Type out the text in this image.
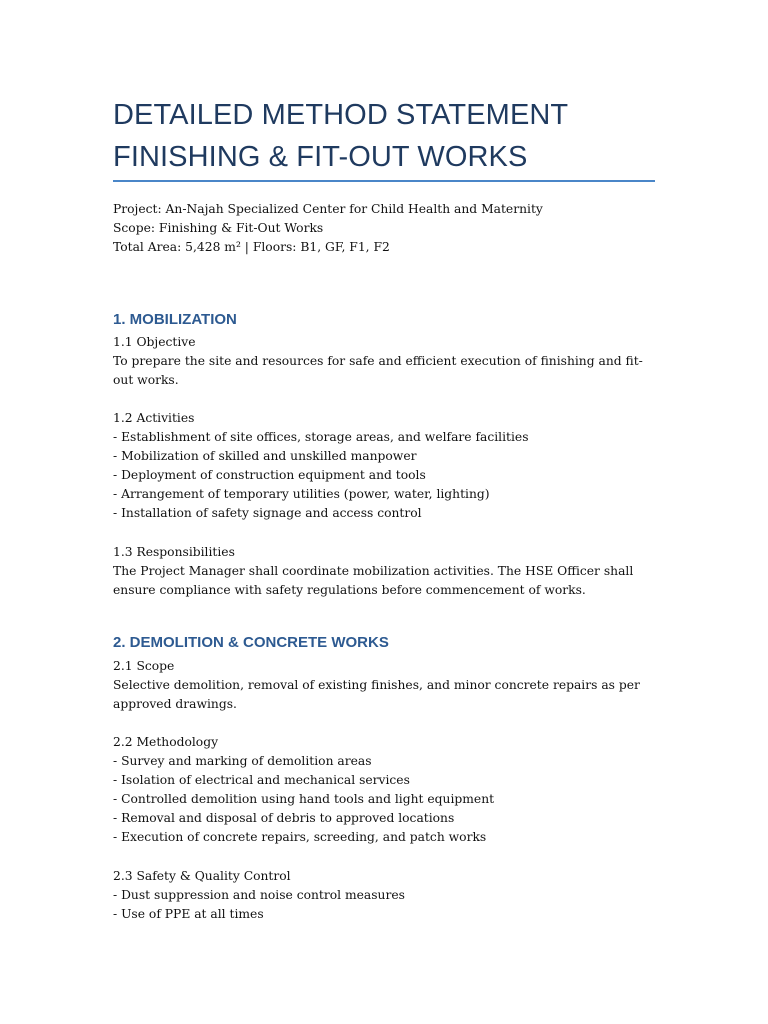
DETAILED METHOD STATEMENT

FINISHING & FIT-OUT WORKS

Project: An-Najah Specialized Center for Child Health and Maternity

Scope: Finishing & Fit-Out Works

Total Area: 5,428 m² | Floors: B1, GF, F1, F2

1. MOBILIZATION

1.1 Objective

To prepare the site and resources for safe and efficient execution of finishing and fit-out works.

1.2 Activities

- Establishment of site offices, storage areas, and welfare facilities

- Mobilization of skilled and unskilled manpower

- Deployment of construction equipment and tools

- Arrangement of temporary utilities (power, water, lighting)

- Installation of safety signage and access control

1.3 Responsibilities

The Project Manager shall coordinate mobilization activities. The HSE Officer shall ensure compliance with safety regulations before commencement of works.

2. DEMOLITION & CONCRETE WORKS

2.1 Scope

Selective demolition, removal of existing finishes, and minor concrete repairs as per approved drawings.

2.2 Methodology

- Survey and marking of demolition areas

- Isolation of electrical and mechanical services

- Controlled demolition using hand tools and light equipment

- Removal and disposal of debris to approved locations

- Execution of concrete repairs, screeding, and patch works

2.3 Safety & Quality Control

- Dust suppression and noise control measures

- Use of PPE at all times
